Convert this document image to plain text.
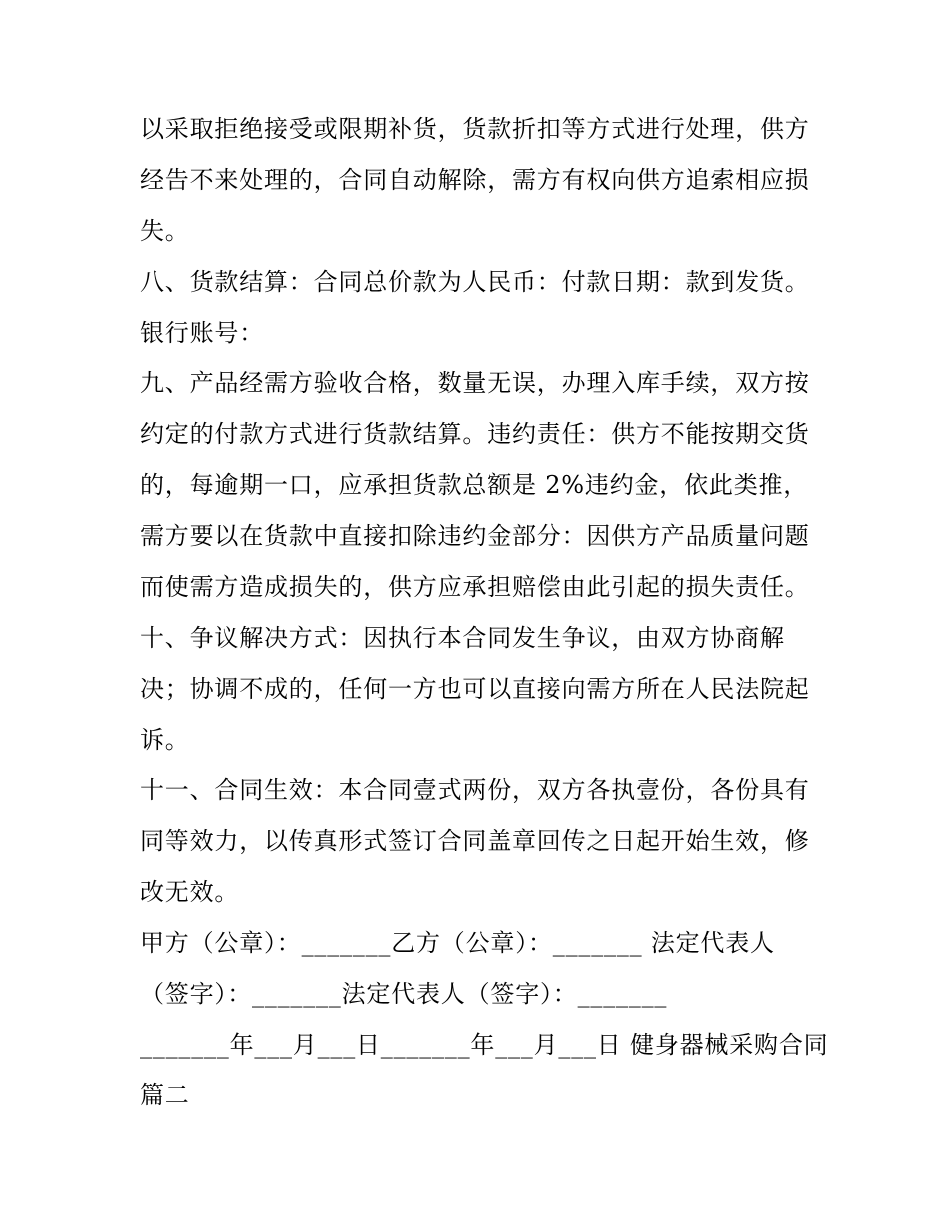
以采取拒绝接受或限期补货，货款折扣等方式进行处理，供方
经告不来处理的，合同自动解除，需方有权向供方追索相应损
失。
八、货款结算：合同总价款为人民币：付款日期：款到发货。
银行账号：
九、产品经需方验收合格，数量无误，办理入库手续，双方按
约定的付款方式进行货款结算。违约责任：供方不能按期交货
的，每逾期一口，应承担货款总额是 2%违约金，依此类推，
需方要以在货款中直接扣除违约金部分：因供方产品质量问题
而使需方造成损失的，供方应承担赔偿由此引起的损失责任。
十、争议解决方式：因执行本合同发生争议，由双方协商解
决；协调不成的，任何一方也可以直接向需方所在人民法院起
诉。
十一、合同生效：本合同壹式两份，双方各执壹份，各份具有
同等效力，以传真形式签订合同盖章回传之日起开始生效，修
改无效。
甲方（公章）：_______乙方（公章）：_______ 法定代表人
（签字）：_______法定代表人（签字）：_______
_______年___月___日_______年___月___日 健身器械采购合同
篇二
